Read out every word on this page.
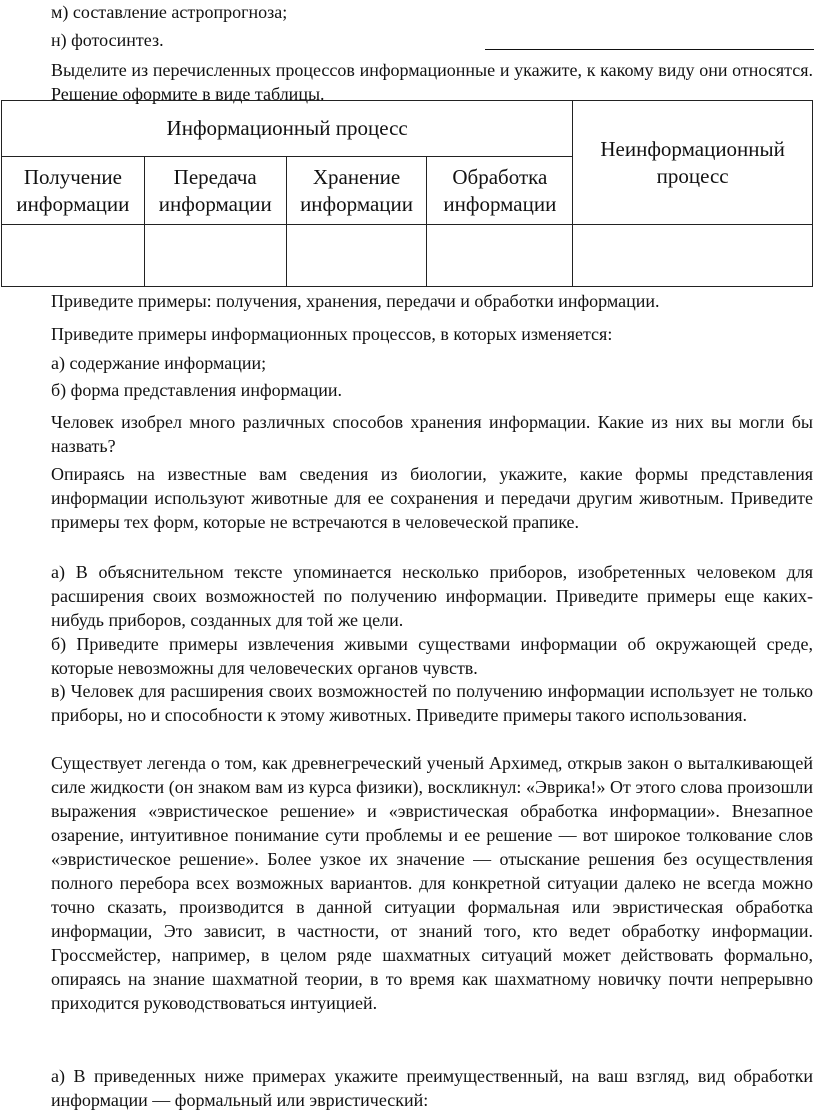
м) составление астропрогноза;

н) фотосинтез.

Выделите из перечисленных процессов информационные и укажите, к какому виду они относятся. Решение оформите в виде таблицы.

Информационный процесс				Неинформационный процесс

Получение информации	Передача информации	Хранение информации	Обработка информации	

Приведите примеры: получения, хранения, передачи и обработки информации.

Приведите примеры информационных процессов, в которых изменяется:

а) содержание информации;

б) форма представления информации.

Человек изобрел много различных способов хранения информации. Какие из них вы могли бы назвать?

Опираясь на известные вам сведения из биологии, укажите, какие формы представления информации используют животные для ее сохранения и передачи другим животным. Приведите примеры тех форм, которые не встречаются в человеческой прапике.

а) В объяснительном тексте упоминается несколько приборов, изобретенных человеком для расширения своих возможностей по получению информации. Приведите примеры еще каких-нибудь приборов, созданных для той же цели.

б) Приведите примеры извлечения живыми существами информации об окружающей среде, которые невозможны для человеческих органов чувств.

в) Человек для расширения своих возможностей по получению информации использует не только приборы, но и способности к этому животных. Приведите примеры такого использования.

Существует легенда о том, как древнегреческий ученый Архимед, открыв закон о выталкивающей силе жидкости (он знаком вам из курса физики), воскликнул: «Эврика!» От этого слова произошли выражения «эвристическое решение» и «эвристическая обработка информации». Внезапное озарение, интуитивное понимание сути проблемы и ее решение — вот широкое толкование слов «эвристическое решение». Более узкое их значение — отыскание решения без осуществления полного перебора всех возможных вариантов. для конкретной ситуации далеко не всегда можно точно сказать, производится в данной ситуации формальная или эвристическая обработка информации, Это зависит, в частности, от знаний того, кто ведет обработку информации. Гроссмейстер, например, в целом ряде шахматных ситуаций может действовать формально, опираясь на знание шахматной теории, в то время как шахматному новичку почти непрерывно приходится руководствоваться интуицией.

а) В приведенных ниже примерах укажите преимущественный, на ваш взгляд, вид обработки информации — формальный или эвристический:
